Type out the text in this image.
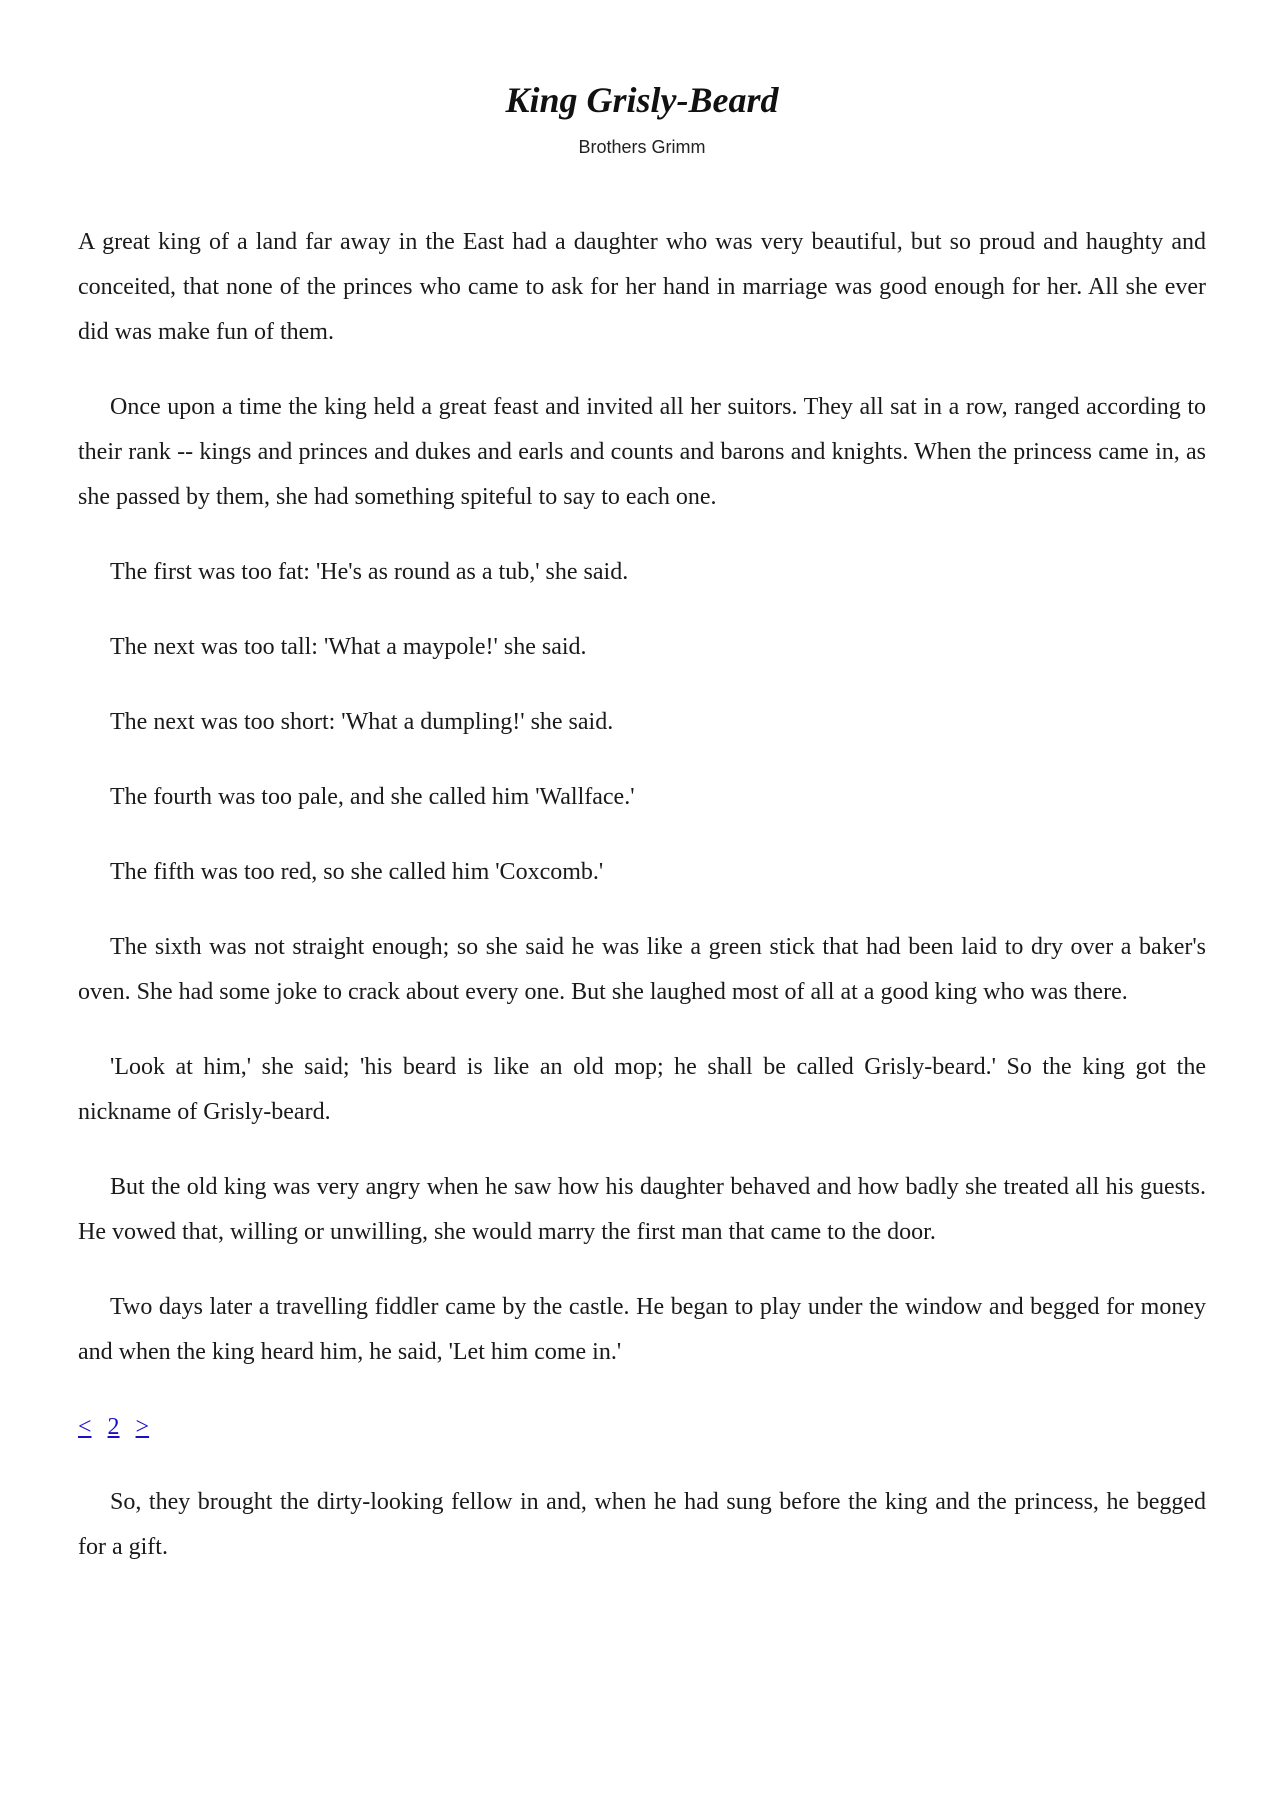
King Grisly-Beard
Brothers Grimm

A great king of a land far away in the East had a daughter who was very beautiful, but so proud and haughty and conceited, that none of the princes who came to ask for her hand in marriage was good enough for her. All she ever did was make fun of them.

Once upon a time the king held a great feast and invited all her suitors. They all sat in a row, ranged according to their rank -- kings and princes and dukes and earls and counts and barons and knights. When the princess came in, as she passed by them, she had something spiteful to say to each one.

The first was too fat: 'He's as round as a tub,' she said.

The next was too tall: 'What a maypole!' she said.

The next was too short: 'What a dumpling!' she said.

The fourth was too pale, and she called him 'Wallface.'

The fifth was too red, so she called him 'Coxcomb.'

The sixth was not straight enough; so she said he was like a green stick that had been laid to dry over a baker's oven. She had some joke to crack about every one. But she laughed most of all at a good king who was there.

'Look at him,' she said; 'his beard is like an old mop; he shall be called Grisly-beard.' So the king got the nickname of Grisly-beard.

But the old king was very angry when he saw how his daughter behaved and how badly she treated all his guests. He vowed that, willing or unwilling, she would marry the first man that came to the door.

Two days later a travelling fiddler came by the castle. He began to play under the window and begged for money and when the king heard him, he said, 'Let him come in.'

< 2 >

So, they brought the dirty-looking fellow in and, when he had sung before the king and the princess, he begged for a gift.
